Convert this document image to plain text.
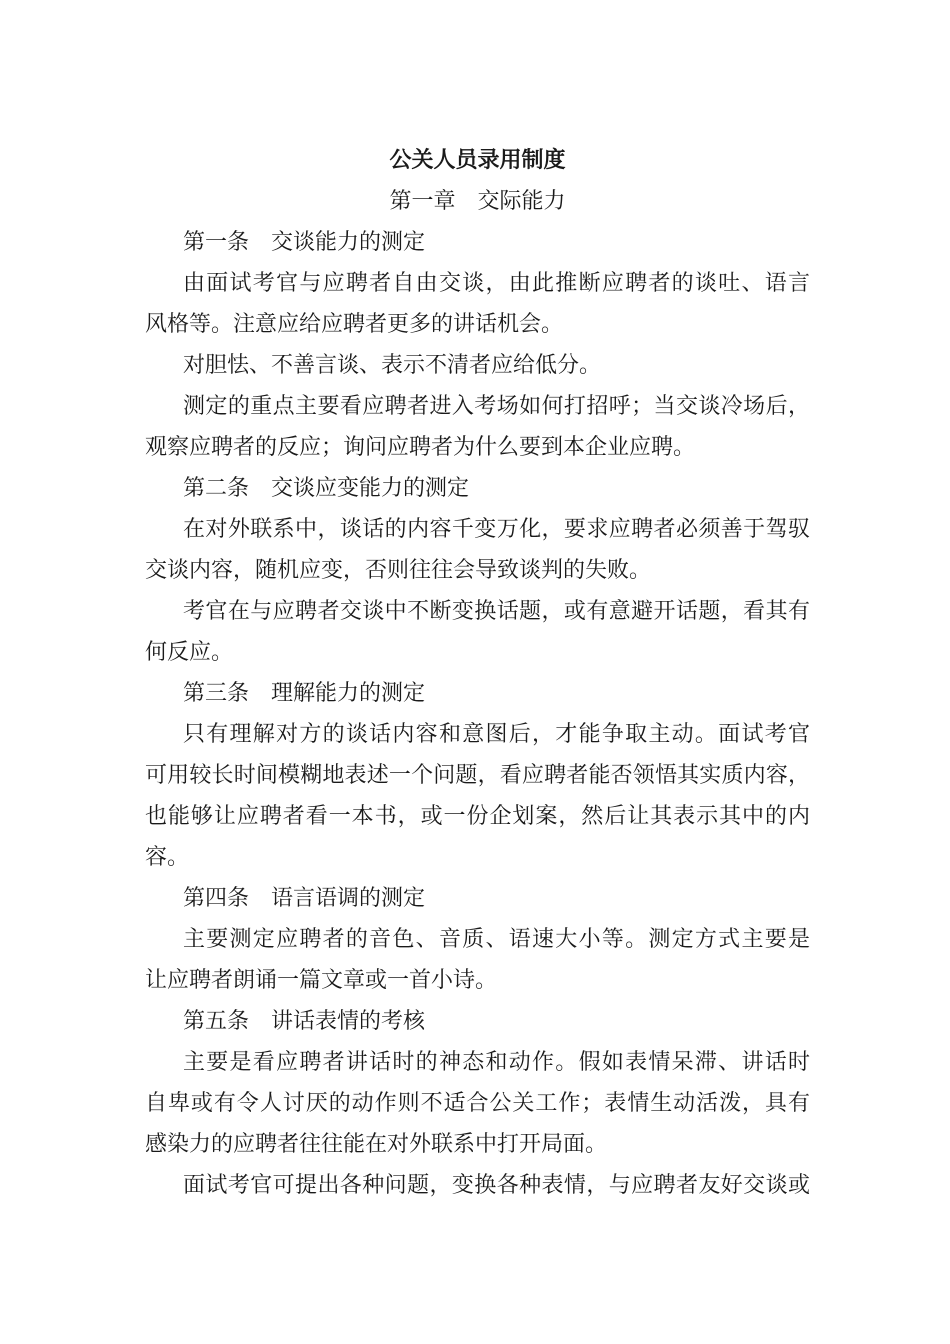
公关人员录用制度
第一章 交际能力
第一条 交谈能力的测定
由面试考官与应聘者自由交谈，由此推断应聘者的谈吐、语言
风格等。注意应给应聘者更多的讲话机会。
对胆怯、不善言谈、表示不清者应给低分。
测定的重点主要看应聘者进入考场如何打招呼；当交谈冷场后，
观察应聘者的反应；询问应聘者为什么要到本企业应聘。
第二条 交谈应变能力的测定
在对外联系中，谈话的内容千变万化，要求应聘者必须善于驾驭
交谈内容，随机应变，否则往往会导致谈判的失败。
考官在与应聘者交谈中不断变换话题，或有意避开话题，看其有
何反应。
第三条 理解能力的测定
只有理解对方的谈话内容和意图后，才能争取主动。面试考官
可用较长时间模糊地表述一个问题，看应聘者能否领悟其实质内容，
也能够让应聘者看一本书，或一份企划案，然后让其表示其中的内
容。
第四条 语言语调的测定
主要测定应聘者的音色、音质、语速大小等。测定方式主要是
让应聘者朗诵一篇文章或一首小诗。
第五条 讲话表情的考核
主要是看应聘者讲话时的神态和动作。假如表情呆滞、讲话时
自卑或有令人讨厌的动作则不适合公关工作；表情生动活泼，具有
感染力的应聘者往往能在对外联系中打开局面。
面试考官可提出各种问题，变换各种表情，与应聘者友好交谈或
